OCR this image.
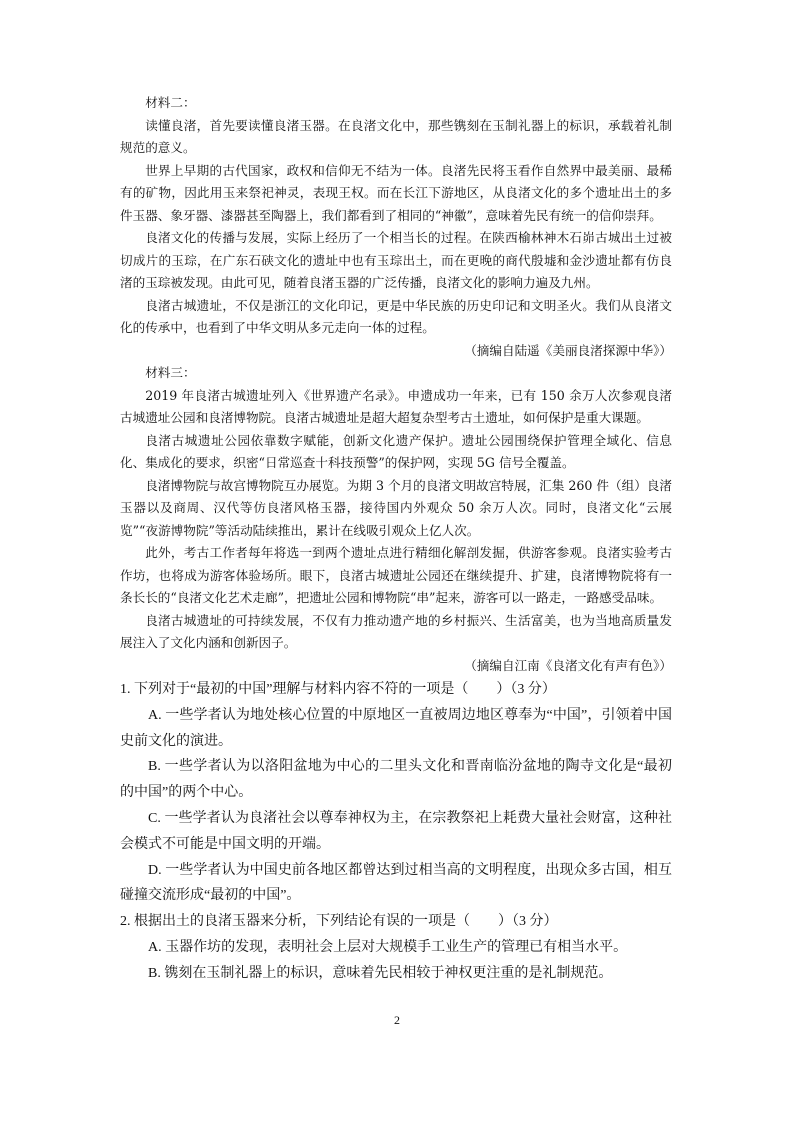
材料二：

读懂良渚，首先要读懂良渚玉器。在良渚文化中，那些镌刻在玉制礼器上的标识，承载着礼制规范的意义。

世界上早期的古代国家，政权和信仰无不结为一体。良渚先民将玉看作自然界中最美丽、最稀有的矿物，因此用玉来祭祀神灵，表现王权。而在长江下游地区，从良渚文化的多个遗址出土的多件玉器、象牙器、漆器甚至陶器上，我们都看到了相同的“神徽”，意味着先民有统一的信仰崇拜。

良渚文化的传播与发展，实际上经历了一个相当长的过程。在陕西榆林神木石峁古城出土过被切成片的玉琮，在广东石硖文化的遗址中也有玉琮出土，而在更晚的商代殷墟和金沙遗址都有仿良渚的玉琮被发现。由此可见，随着良渚玉器的广泛传播，良渚文化的影响力遍及九州。

良渚古城遗址，不仅是浙江的文化印记，更是中华民族的历史印记和文明圣火。我们从良渚文化的传承中，也看到了中华文明从多元走向一体的过程。

（摘编自陆遥《美丽良渚探源中华》）

材料三：

2019 年良渚古城遗址列入《世界遗产名录》。申遗成功一年来，已有 150 余万人次参观良渚古城遗址公园和良渚博物院。良渚古城遗址是超大超复杂型考古土遗址，如何保护是重大课题。

良渚古城遗址公园依靠数字赋能，创新文化遗产保护。遗址公园围绕保护管理全域化、信息化、集成化的要求，织密“日常巡查十科技预警”的保护网，实现 5G 信号全覆盖。

良渚博物院与故宫博物院互办展览。为期 3 个月的良渚文明故宫特展，汇集 260 件（组）良渚玉器以及商周、汉代等仿良渚风格玉器，接待国内外观众 50 余万人次。同时，良渚文化“云展览”“夜游博物院”等活动陆续推出，累计在线吸引观众上亿人次。

此外，考古工作者每年将选一到两个遗址点进行精细化解剖发掘，供游客参观。良渚实验考古作坊，也将成为游客体验场所。眼下，良渚古城遗址公园还在继续提升、扩建，良渚博物院将有一条长长的“良渚文化艺术走廊”，把遗址公园和博物院“串”起来，游客可以一路走，一路感受品味。

良渚古城遗址的可持续发展，不仅有力推动遗产地的乡村振兴、生活富美，也为当地高质量发展注入了文化内涵和创新因子。

（摘编自江南《良渚文化有声有色》）

1. 下列对于“最初的中国”理解与材料内容不符的一项是（　　）（3 分）

A. 一些学者认为地处核心位置的中原地区一直被周边地区尊奉为“中国”，引领着中国史前文化的演进。

B. 一些学者认为以洛阳盆地为中心的二里头文化和晋南临汾盆地的陶寺文化是“最初的中国”的两个中心。

C. 一些学者认为良渚社会以尊奉神权为主，在宗教祭祀上耗费大量社会财富，这种社会模式不可能是中国文明的开端。

D. 一些学者认为中国史前各地区都曾达到过相当高的文明程度，出现众多古国，相互碰撞交流形成“最初的中国”。

2. 根据出土的良渚玉器来分析，下列结论有误的一项是（　　）（3 分）

A. 玉器作坊的发现，表明社会上层对大规模手工业生产的管理已有相当水平。

B. 镌刻在玉制礼器上的标识，意味着先民相较于神权更注重的是礼制规范。

2
